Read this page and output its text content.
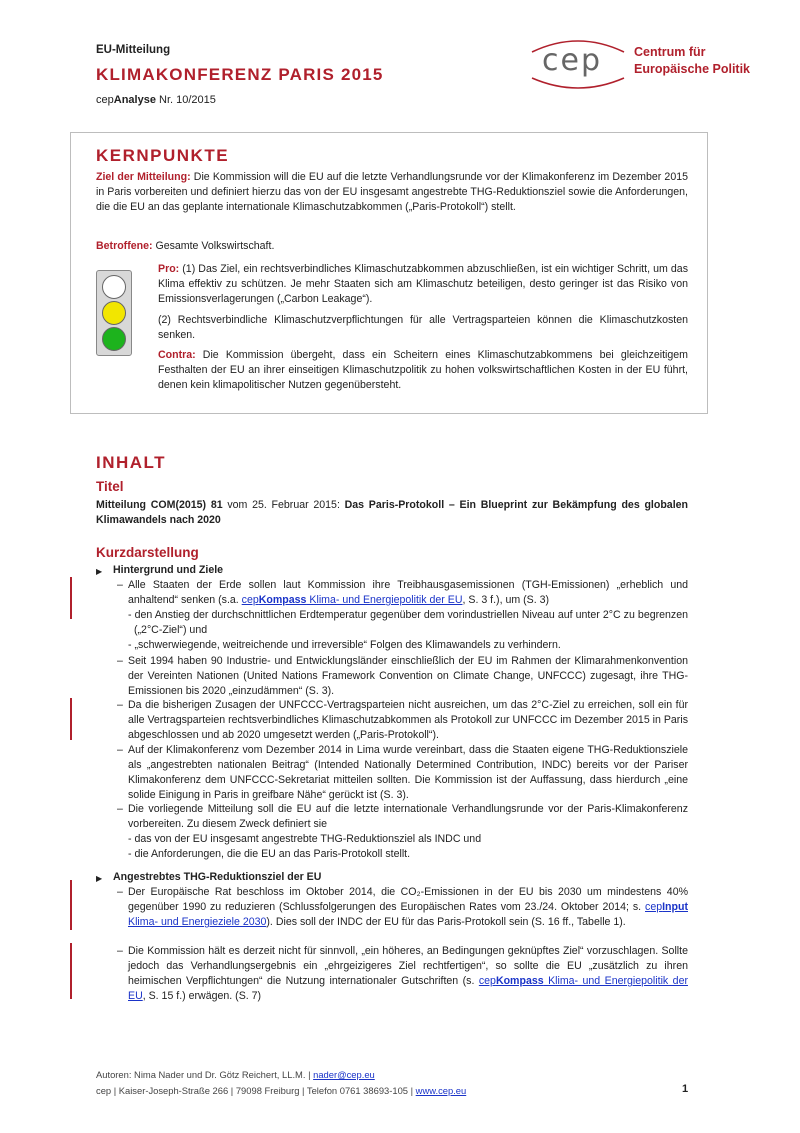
EU-Mitteilung
KLIMAKONFERENZ PARIS 2015
cepAnalyse Nr. 10/2015
cep	Centrum für
Europäische Politik
KERNPUNKTE
Ziel der Mitteilung: Die Kommission will die EU auf die letzte Verhandlungsrunde vor der Klimakonferenz im Dezember 2015 in Paris vorbereiten und definiert hierzu das von der EU insgesamt angestrebte THG-Reduktionsziel sowie die Anforderungen, die die EU an das geplante internationale Klimaschutzabkommen („Paris-Protokoll“) stellt.
Betroffene: Gesamte Volkswirtschaft.
Pro: (1) Das Ziel, ein rechtsverbindliches Klimaschutzabkommen abzuschließen, ist ein wichtiger Schritt, um das Klima effektiv zu schützen. Je mehr Staaten sich am Klimaschutz beteiligen, desto geringer ist das Risiko von Emissionsverlagerungen („Carbon Leakage“).
(2) Rechtsverbindliche Klimaschutzverpflichtungen für alle Vertragsparteien können die Klimaschutzkosten senken.
Contra: Die Kommission übergeht, dass ein Scheitern eines Klimaschutzabkommens bei gleichzeitigem Festhalten der EU an ihrer einseitigen Klimaschutzpolitik zu hohen volkswirtschaftlichen Kosten in der EU führt, denen kein klimapolitischer Nutzen gegenübersteht.
INHALT
Titel
Mitteilung COM(2015) 81 vom 25. Februar 2015: Das Paris-Protokoll – Ein Blueprint zur Bekämpfung des globalen Klimawandels nach 2020
Kurzdarstellung
▶ Hintergrund und Ziele
– Alle Staaten der Erde sollen laut Kommission ihre Treibhausgasemissionen (TGH-Emissionen) „erheblich und anhaltend“ senken (s.a. cepKompass Klima- und Energiepolitik der EU, S. 3 f.), um (S. 3)
- den Anstieg der durchschnittlichen Erdtemperatur gegenüber dem vorindustriellen Niveau auf unter 2°C zu begrenzen („2°C-Ziel“) und
- „schwerwiegende, weitreichende und irreversible“ Folgen des Klimawandels zu verhindern.
– Seit 1994 haben 90 Industrie- und Entwicklungsländer einschließlich der EU im Rahmen der Klimarahmenkonvention der Vereinten Nationen (United Nations Framework Convention on Climate Change, UNFCCC) zugesagt, ihre THG-Emissionen bis 2020 „einzudämmen“ (S. 3).
– Da die bisherigen Zusagen der UNFCCC-Vertragsparteien nicht ausreichen, um das 2°C-Ziel zu erreichen, soll ein für alle Vertragsparteien rechtsverbindliches Klimaschutzabkommen als Protokoll zur UNFCCC im Dezember 2015 in Paris abgeschlossen und ab 2020 umgesetzt werden („Paris-Protokoll“).
– Auf der Klimakonferenz vom Dezember 2014 in Lima wurde vereinbart, dass die Staaten eigene THG-Reduktionsziele als „angestrebten nationalen Beitrag“ (Intended Nationally Determined Contribution, INDC) bereits vor der Pariser Klimakonferenz dem UNFCCC-Sekretariat mitteilen sollten. Die Kommission ist der Auffassung, dass hierdurch „eine solide Einigung in Paris in greifbare Nähe“ gerückt ist (S. 3).
– Die vorliegende Mitteilung soll die EU auf die letzte internationale Verhandlungsrunde vor der Paris-Klimakonferenz vorbereiten. Zu diesem Zweck definiert sie
- das von der EU insgesamt angestrebte THG-Reduktionsziel als INDC und
- die Anforderungen, die die EU an das Paris-Protokoll stellt.
▶ Angestrebtes THG-Reduktionsziel der EU
– Der Europäische Rat beschloss im Oktober 2014, die CO₂-Emissionen in der EU bis 2030 um mindestens 40% gegenüber 1990 zu reduzieren (Schlussfolgerungen des Europäischen Rates vom 23./24. Oktober 2014; s. cepInput Klima- und Energieziele 2030). Dies soll der INDC der EU für das Paris-Protokoll sein (S. 16 ff., Tabelle 1).
– Die Kommission hält es derzeit nicht für sinnvoll, „ein höheres, an Bedingungen geknüpftes Ziel“ vorzuschlagen. Sollte jedoch das Verhandlungsergebnis ein „ehrgeizigeres Ziel rechtfertigen“, so sollte die EU „zusätzlich zu ihren heimischen Verpflichtungen“ die Nutzung internationaler Gutschriften (s. cepKompass Klima- und Energiepolitik der EU, S. 15 f.) erwägen. (S. 7)
Autoren: Nima Nader und Dr. Götz Reichert, LL.M. | nader@cep.eu
cep | Kaiser-Joseph-Straße 266 | 79098 Freiburg | Telefon 0761 38693-105 | www.cep.eu	1
